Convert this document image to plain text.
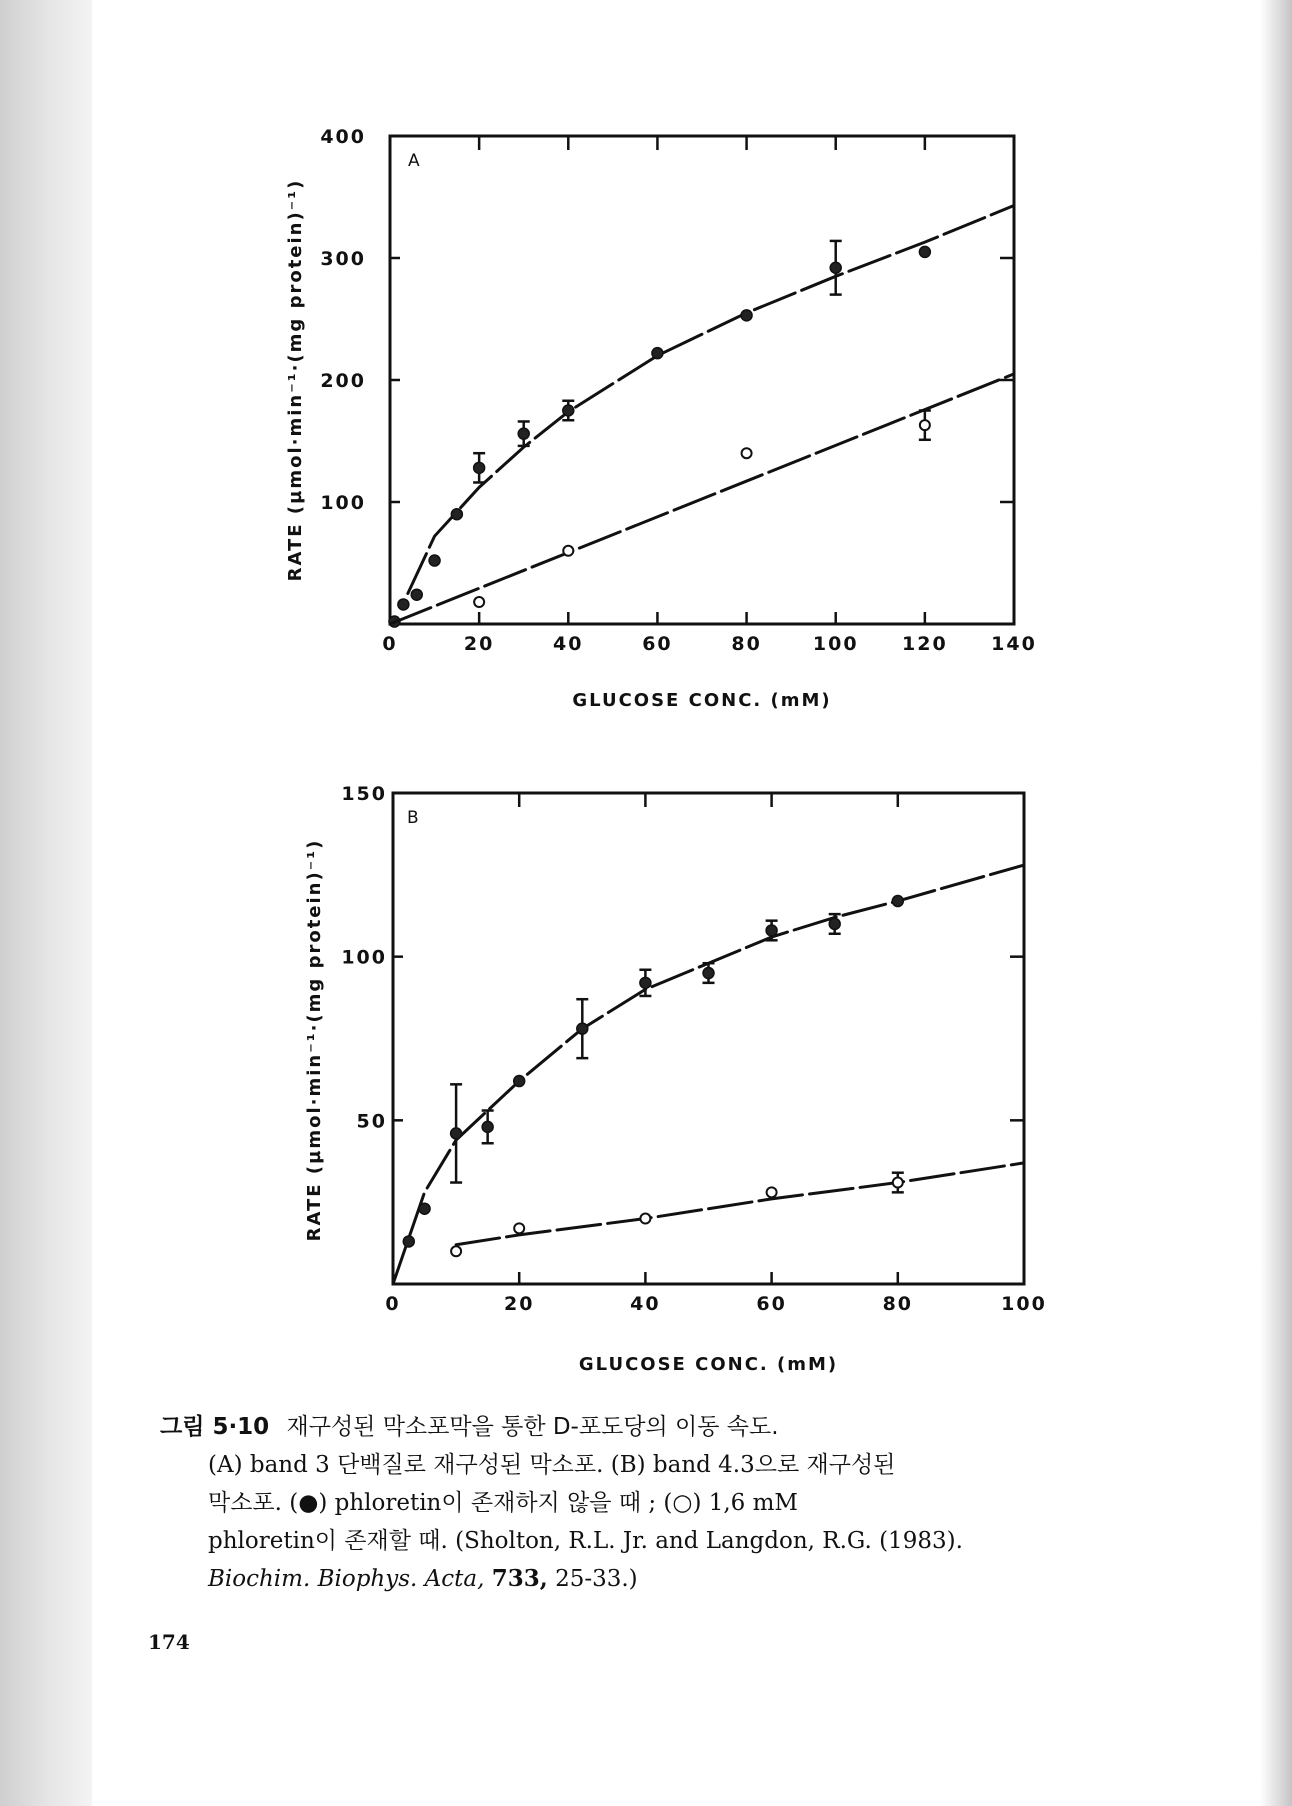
A
0	20	40	60	80	100 120 140
100
200
300
400
GLUCOSE CONC. (mM)
RATE (µmol·min⁻¹·(mg protein)⁻¹)
B
0	20	40	60	80	100
50
100
150
GLUCOSE CONC. (mM)
RATE (µmol·min⁻¹·(mg protein)⁻¹)
그림 5·10 재구성된 막소포막을 통한 D-포도당의 이동 속도.
(A) band 3 단백질로 재구성된 막소포. (B) band 4.3으로 재구성된
막소포. (●) phloretin이 존재하지 않을 때 ; (○) 1,6 mM
phloretin이 존재할 때. (Sholton, R.L. Jr. and Langdon, R.G. (1983).
Biochim. Biophys. Acta, 733, 25-33.)
174
